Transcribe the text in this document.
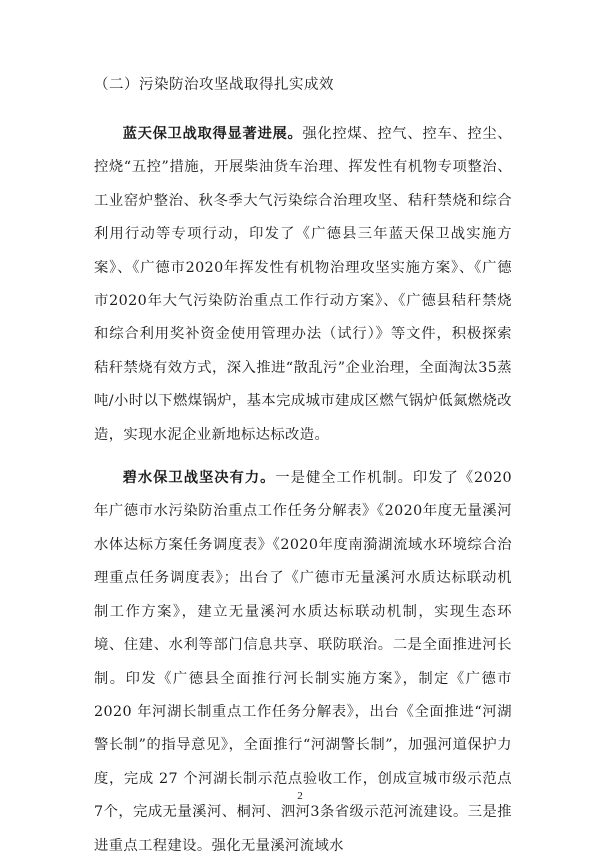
（二）污染防治攻坚战取得扎实成效

蓝天保卫战取得显著进展。强化控煤、控气、控车、控尘、控烧“五控”措施，开展柴油货车治理、挥发性有机物专项整治、工业窑炉整治、秋冬季大气污染综合治理攻坚、秸秆禁烧和综合利用行动等专项行动，印发了《广德县三年蓝天保卫战实施方案》、《广德市2020年挥发性有机物治理攻坚实施方案》、《广德市2020年大气污染防治重点工作行动方案》、《广德县秸秆禁烧和综合利用奖补资金使用管理办法（试行）》等文件，积极探索秸秆禁烧有效方式，深入推进“散乱污”企业治理，全面淘汰35蒸吨/小时以下燃煤锅炉，基本完成城市建成区燃气锅炉低氮燃烧改造，实现水泥企业新地标达标改造。

碧水保卫战坚决有力。一是健全工作机制。印发了《2020年广德市水污染防治重点工作任务分解表》《2020年度无量溪河水体达标方案任务调度表》《2020年度南漪湖流域水环境综合治理重点任务调度表》；出台了《广德市无量溪河水质达标联动机制工作方案》，建立无量溪河水质达标联动机制，实现生态环境、住建、水利等部门信息共享、联防联治。二是全面推进河长制。印发《广德县全面推行河长制实施方案》，制定《广德市 2020 年河湖长制重点工作任务分解表》，出台《全面推进“河湖警长制”的指导意见》，全面推行“河湖警长制”，加强河道保护力度，完成 27 个河湖长制示范点验收工作，创成宣城市级示范点7个，完成无量溪河、桐河、泗河3条省级示范河流建设。三是推进重点工程建设。强化无量溪河流域水

2
